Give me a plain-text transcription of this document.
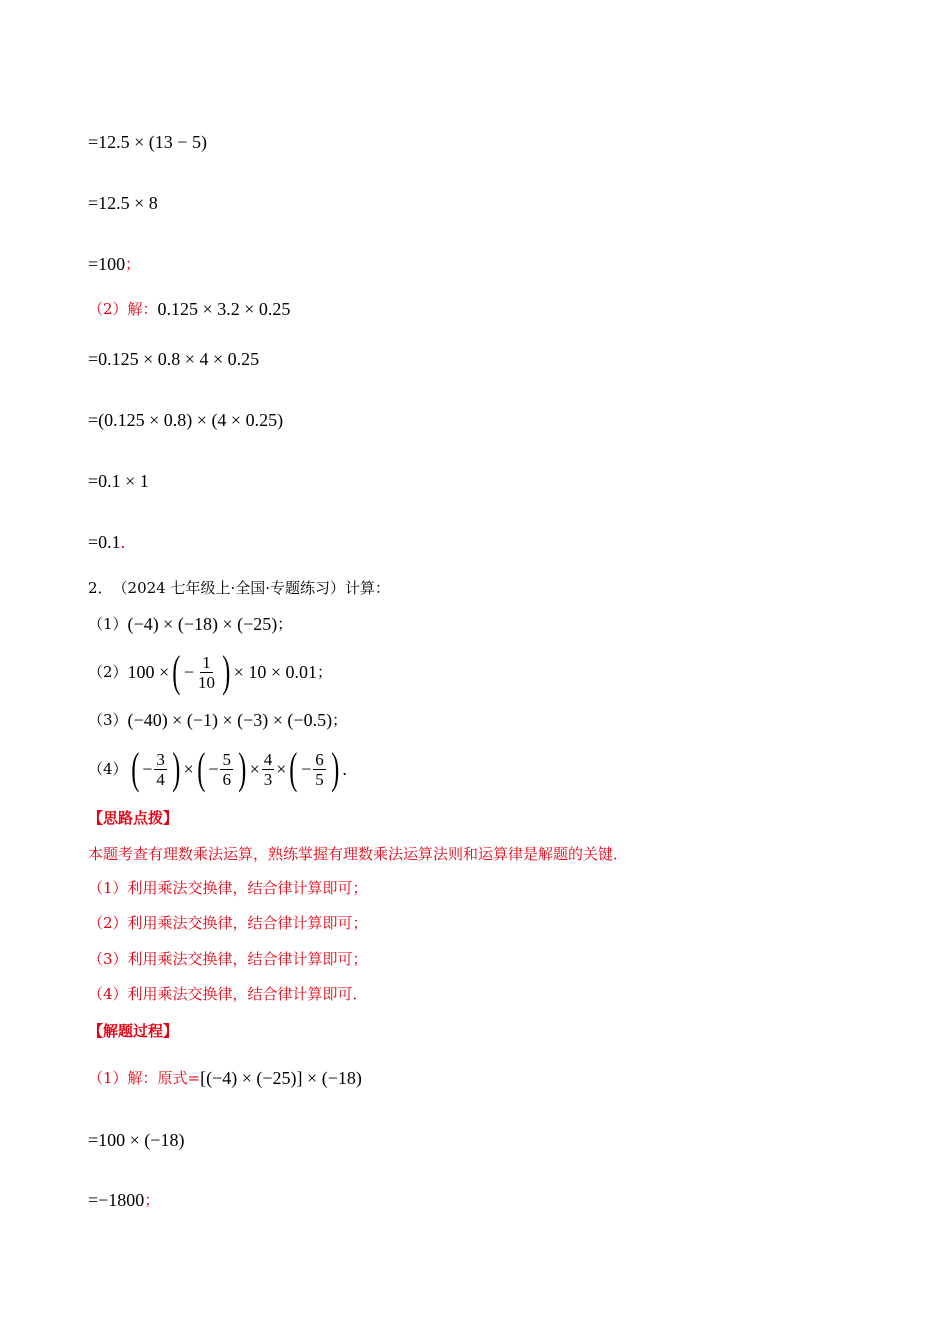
=12.5 × (13 − 5)
=12.5 × 8
=100 ；
（2）解： 0.125 × 3.2 × 0.25
=0.125 × 0.8 × 4 × 0.25
=(0.125 × 0.8) × (4 × 0.25)
=0.1 × 1
=0.1 .
2． （2024 七年级上·全国·专题练习） 计算：
（1） (−4) × (−18) × (−25) ；
（2） 100 × ( − $\frac{1}{10}$ ) × 10 × 0.01 ；
（3） (−40) × (−1) × (−3) × (−0.5) ；
（4） ( − $\frac{3}{4}$ ) × ( − $\frac{5}{6}$ ) × $\frac{4}{3}$ × ( − $\frac{6}{5}$ ) .
【思路点拨】
本题考查有理数乘法运算，熟练掌握有理数乘法运算法则和运算律是解题的关键．
（1）利用乘法交换律，结合律计算即可；
（2）利用乘法交换律，结合律计算即可；
（3）利用乘法交换律，结合律计算即可；
（4）利用乘法交换律，结合律计算即可．
【解题过程】
（1）解：原式= [(−4) × (−25)] × (−18)
=100 × (−18)
=−1800 ；
